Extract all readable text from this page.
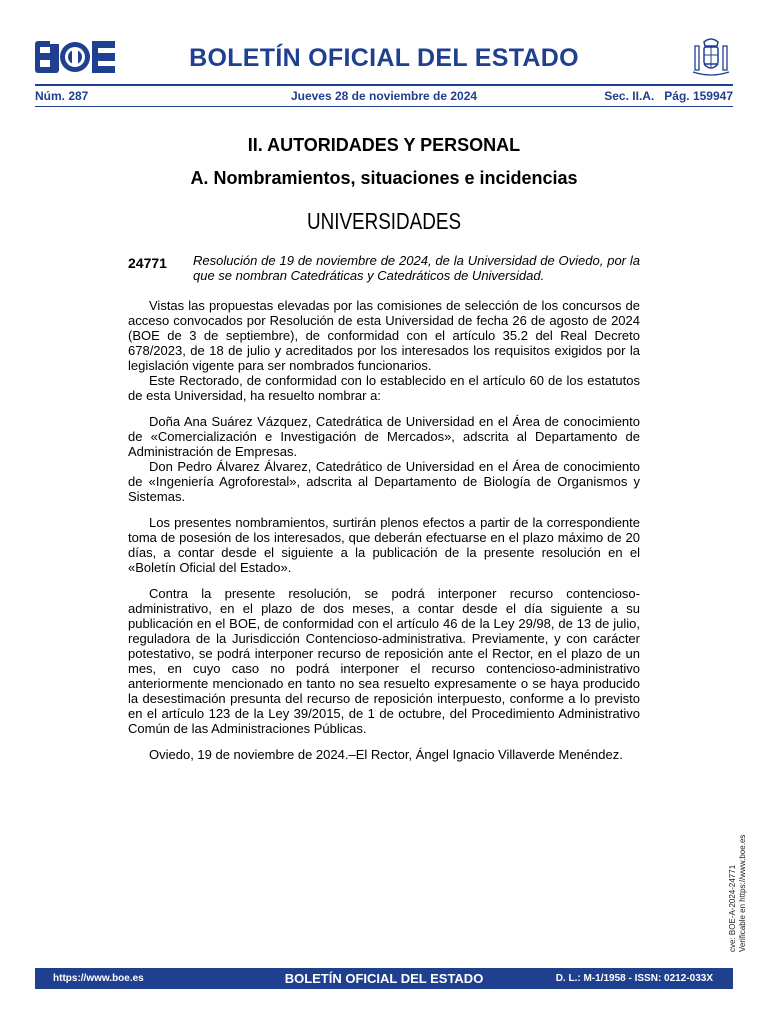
BOLETÍN OFICIAL DEL ESTADO
Núm. 287	Jueves 28 de noviembre de 2024	Sec. II.A.   Pág. 159947
II. AUTORIDADES Y PERSONAL
A. Nombramientos, situaciones e incidencias
UNIVERSIDADES
24771 Resolución de 19 de noviembre de 2024, de la Universidad de Oviedo, por la que se nombran Catedráticas y Catedráticos de Universidad.

Vistas las propuestas elevadas por las comisiones de selección de los concursos de acceso convocados por Resolución de esta Universidad de fecha 26 de agosto de 2024 (BOE de 3 de septiembre), de conformidad con el artículo 35.2 del Real Decreto 678/2023, de 18 de julio y acreditados por los interesados los requisitos exigidos por la legislación vigente para ser nombrados funcionarios.

Este Rectorado, de conformidad con lo establecido en el artículo 60 de los estatutos de esta Universidad, ha resuelto nombrar a:

Doña Ana Suárez Vázquez, Catedrática de Universidad en el Área de conocimiento de «Comercialización e Investigación de Mercados», adscrita al Departamento de Administración de Empresas.

Don Pedro Álvarez Álvarez, Catedrático de Universidad en el Área de conocimiento de «Ingeniería Agroforestal», adscrita al Departamento de Biología de Organismos y Sistemas.

Los presentes nombramientos, surtirán plenos efectos a partir de la correspondiente toma de posesión de los interesados, que deberán efectuarse en el plazo máximo de 20 días, a contar desde el siguiente a la publicación de la presente resolución en el «Boletín Oficial del Estado».

Contra la presente resolución, se podrá interponer recurso contencioso-administrativo, en el plazo de dos meses, a contar desde el día siguiente a su publicación en el BOE, de conformidad con el artículo 46 de la Ley 29/98, de 13 de julio, reguladora de la Jurisdicción Contencioso-administrativa. Previamente, y con carácter potestativo, se podrá interponer recurso de reposición ante el Rector, en el plazo de un mes, en cuyo caso no podrá interponer el recurso contencioso-administrativo anteriormente mencionado en tanto no sea resuelto expresamente o se haya producido la desestimación presunta del recurso de reposición interpuesto, conforme a lo previsto en el artículo 123 de la Ley 39/2015, de 1 de octubre, del Procedimiento Administrativo Común de las Administraciones Públicas.

Oviedo, 19 de noviembre de 2024.–El Rector, Ángel Ignacio Villaverde Menéndez.

cve: BOE-A-2024-24771 Verificable en https://www.boe.es
BOLETÍN OFICIAL DEL ESTADO
https://www.boe.es	D. L.: M-1/1958 - ISSN: 0212-033X
